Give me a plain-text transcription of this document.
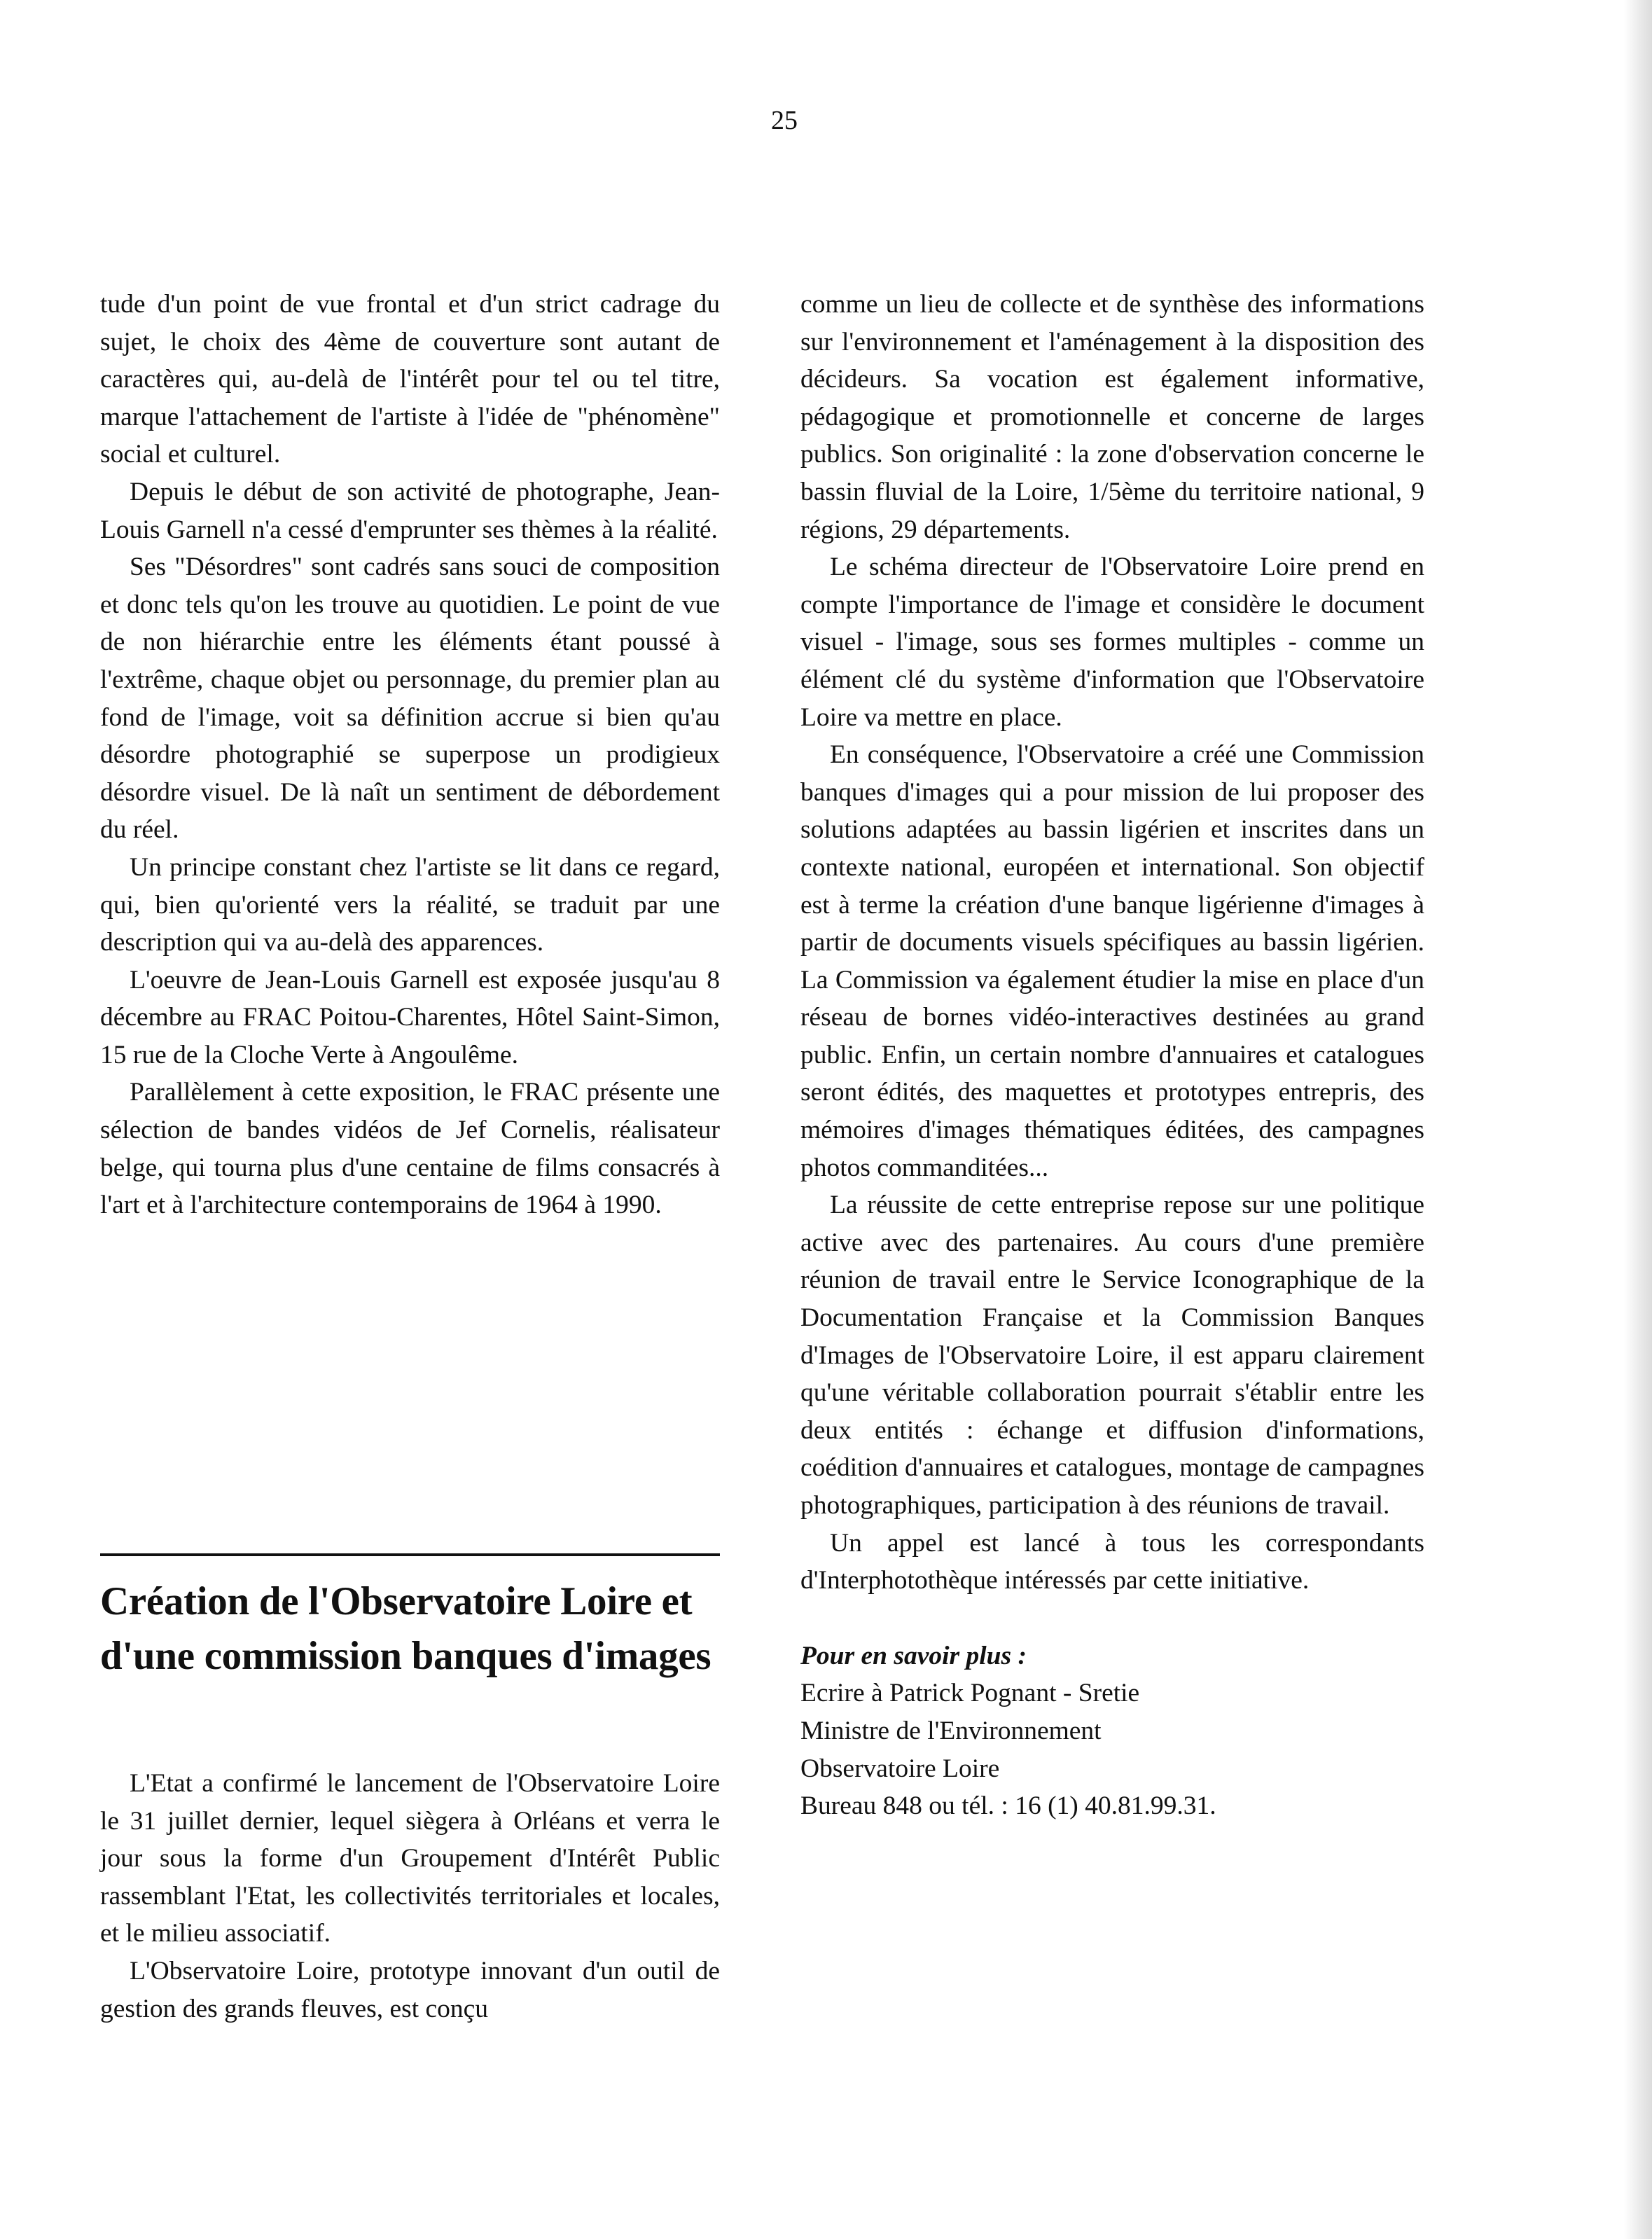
25

tude d'un point de vue frontal et d'un strict cadrage du sujet, le choix des 4ème de couverture sont autant de caractères qui, au-delà de l'intérêt pour tel ou tel titre, marque l'attachement de l'artiste à l'idée de "phénomène" social et culturel.

Depuis le début de son activité de photographe, Jean-Louis Garnell n'a cessé d'emprunter ses thèmes à la réalité.

Ses "Désordres" sont cadrés sans souci de composition et donc tels qu'on les trouve au quotidien. Le point de vue de non hiérarchie entre les éléments étant poussé à l'extrême, chaque objet ou personnage, du premier plan au fond de l'image, voit sa définition accrue si bien qu'au désordre photographié se superpose un prodigieux désordre visuel. De là naît un sentiment de débordement du réel.

Un principe constant chez l'artiste se lit dans ce regard, qui, bien qu'orienté vers la réalité, se traduit par une description qui va au-delà des apparences.

L'oeuvre de Jean-Louis Garnell est exposée jusqu'au 8 décembre au FRAC Poitou-Charentes, Hôtel Saint-Simon, 15 rue de la Cloche Verte à Angoulême.

Parallèlement à cette exposition, le FRAC présente une sélection de bandes vidéos de Jef Cornelis, réalisateur belge, qui tourna plus d'une centaine de films consacrés à l'art et à l'architecture contemporains de 1964 à 1990.

Création de l'Observatoire Loire et d'une commission banques d'images

L'Etat a confirmé le lancement de l'Observatoire Loire le 31 juillet dernier, lequel siègera à Orléans et verra le jour sous la forme d'un Groupement d'Intérêt Public rassemblant l'Etat, les collectivités territoriales et locales, et le milieu associatif.

L'Observatoire Loire, prototype innovant d'un outil de gestion des grands fleuves, est conçu

comme un lieu de collecte et de synthèse des informations sur l'environnement et l'aménagement à la disposition des décideurs. Sa vocation est également informative, pédagogique et promotionnelle et concerne de larges publics. Son originalité : la zone d'observation concerne le bassin fluvial de la Loire, 1/5ème du territoire national, 9 régions, 29 départements.

Le schéma directeur de l'Observatoire Loire prend en compte l'importance de l'image et considère le document visuel - l'image, sous ses formes multiples - comme un élément clé du système d'information que l'Observatoire Loire va mettre en place.

En conséquence, l'Observatoire a créé une Commission banques d'images qui a pour mission de lui proposer des solutions adaptées au bassin ligérien et inscrites dans un contexte national, européen et international. Son objectif est à terme la création d'une banque ligérienne d'images à partir de documents visuels spécifiques au bassin ligérien. La Commission va également étudier la mise en place d'un réseau de bornes vidéo-interactives destinées au grand public. Enfin, un certain nombre d'annuaires et catalogues seront édités, des maquettes et prototypes entrepris, des mémoires d'images thématiques éditées, des campagnes photos commanditées...

La réussite de cette entreprise repose sur une politique active avec des partenaires. Au cours d'une première réunion de travail entre le Service Iconographique de la Documentation Française et la Commission Banques d'Images de l'Observatoire Loire, il est apparu clairement qu'une véritable collaboration pourrait s'établir entre les deux entités : échange et diffusion d'informations, coédition d'annuaires et catalogues, montage de campagnes photographiques, participation à des réunions de travail.

Un appel est lancé à tous les correspondants d'Interphotothèque intéressés par cette initiative.

Pour en savoir plus :

Ecrire à Patrick Pognant - Sretie

Ministre de l'Environnement

Observatoire Loire

Bureau 848 ou tél. : 16 (1) 40.81.99.31.
